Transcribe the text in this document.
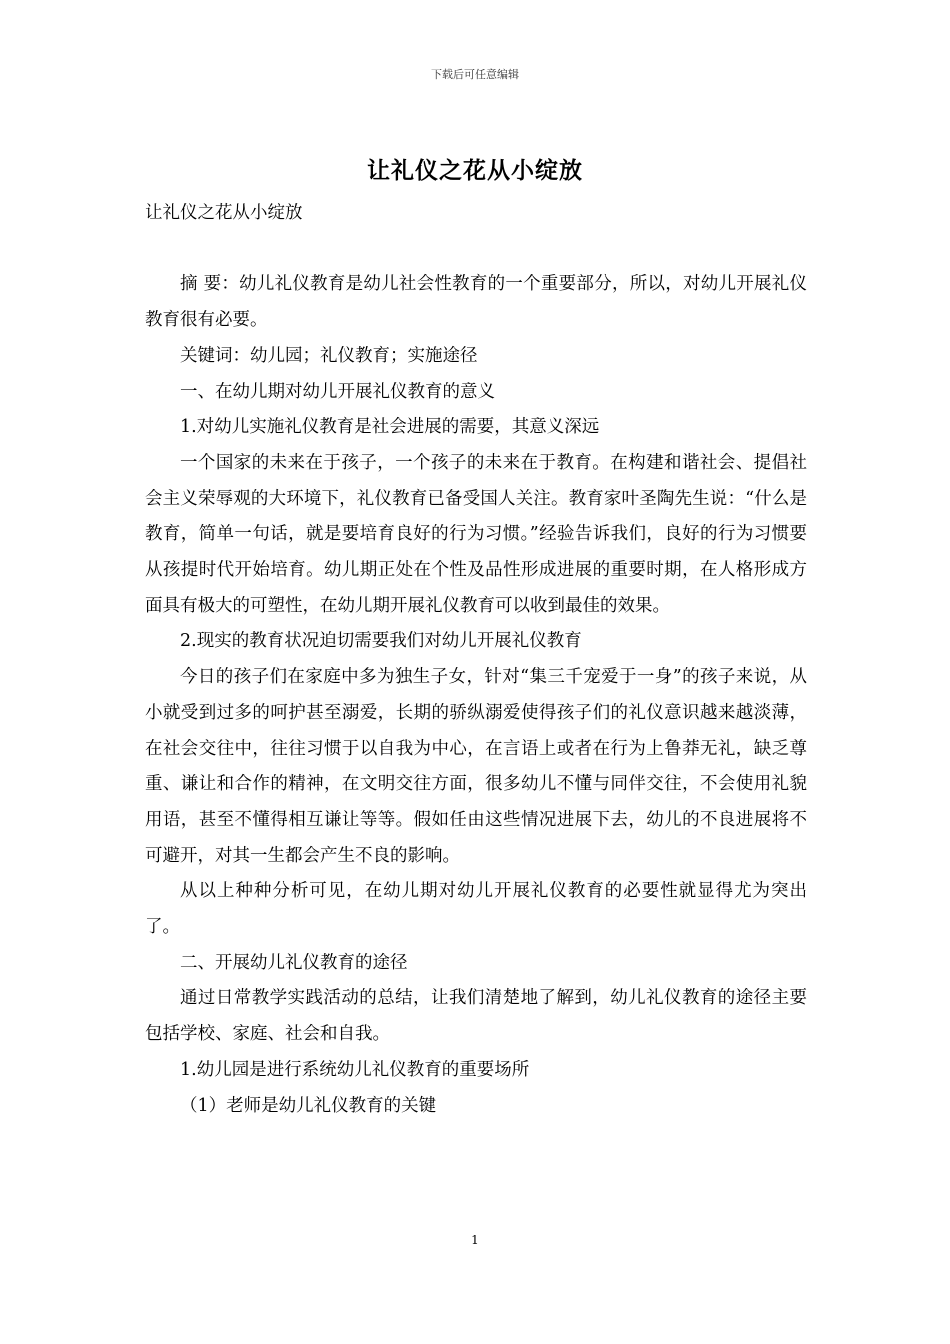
下载后可任意编辑
让礼仪之花从小绽放

让礼仪之花从小绽放

摘 要：幼儿礼仪教育是幼儿社会性教育的一个重要部分，所以，对幼儿开展礼仪教育很有必要。

关键词：幼儿园；礼仪教育；实施途径

一、在幼儿期对幼儿开展礼仪教育的意义

1.对幼儿实施礼仪教育是社会进展的需要，其意义深远

一个国家的未来在于孩子，一个孩子的未来在于教育。在构建和谐社会、提倡社会主义荣辱观的大环境下，礼仪教育已备受国人关注。教育家叶圣陶先生说：“什么是教育，简单一句话，就是要培育良好的行为习惯。”经验告诉我们，良好的行为习惯要从孩提时代开始培育。幼儿期正处在个性及品性形成进展的重要时期，在人格形成方面具有极大的可塑性，在幼儿期开展礼仪教育可以收到最佳的效果。

2.现实的教育状况迫切需要我们对幼儿开展礼仪教育

今日的孩子们在家庭中多为独生子女，针对“集三千宠爱于一身”的孩子来说，从小就受到过多的呵护甚至溺爱，长期的骄纵溺爱使得孩子们的礼仪意识越来越淡薄，在社会交往中，往往习惯于以自我为中心，在言语上或者在行为上鲁莽无礼，缺乏尊重、谦让和合作的精神，在文明交往方面，很多幼儿不懂与同伴交往，不会使用礼貌用语，甚至不懂得相互谦让等等。假如任由这些情况进展下去，幼儿的不良进展将不可避开，对其一生都会产生不良的影响。

从以上种种分析可见，在幼儿期对幼儿开展礼仪教育的必要性就显得尤为突出了。

二、开展幼儿礼仪教育的途径

通过日常教学实践活动的总结，让我们清楚地了解到，幼儿礼仪教育的途径主要包括学校、家庭、社会和自我。

1.幼儿园是进行系统幼儿礼仪教育的重要场所

（1）老师是幼儿礼仪教育的关键

1
